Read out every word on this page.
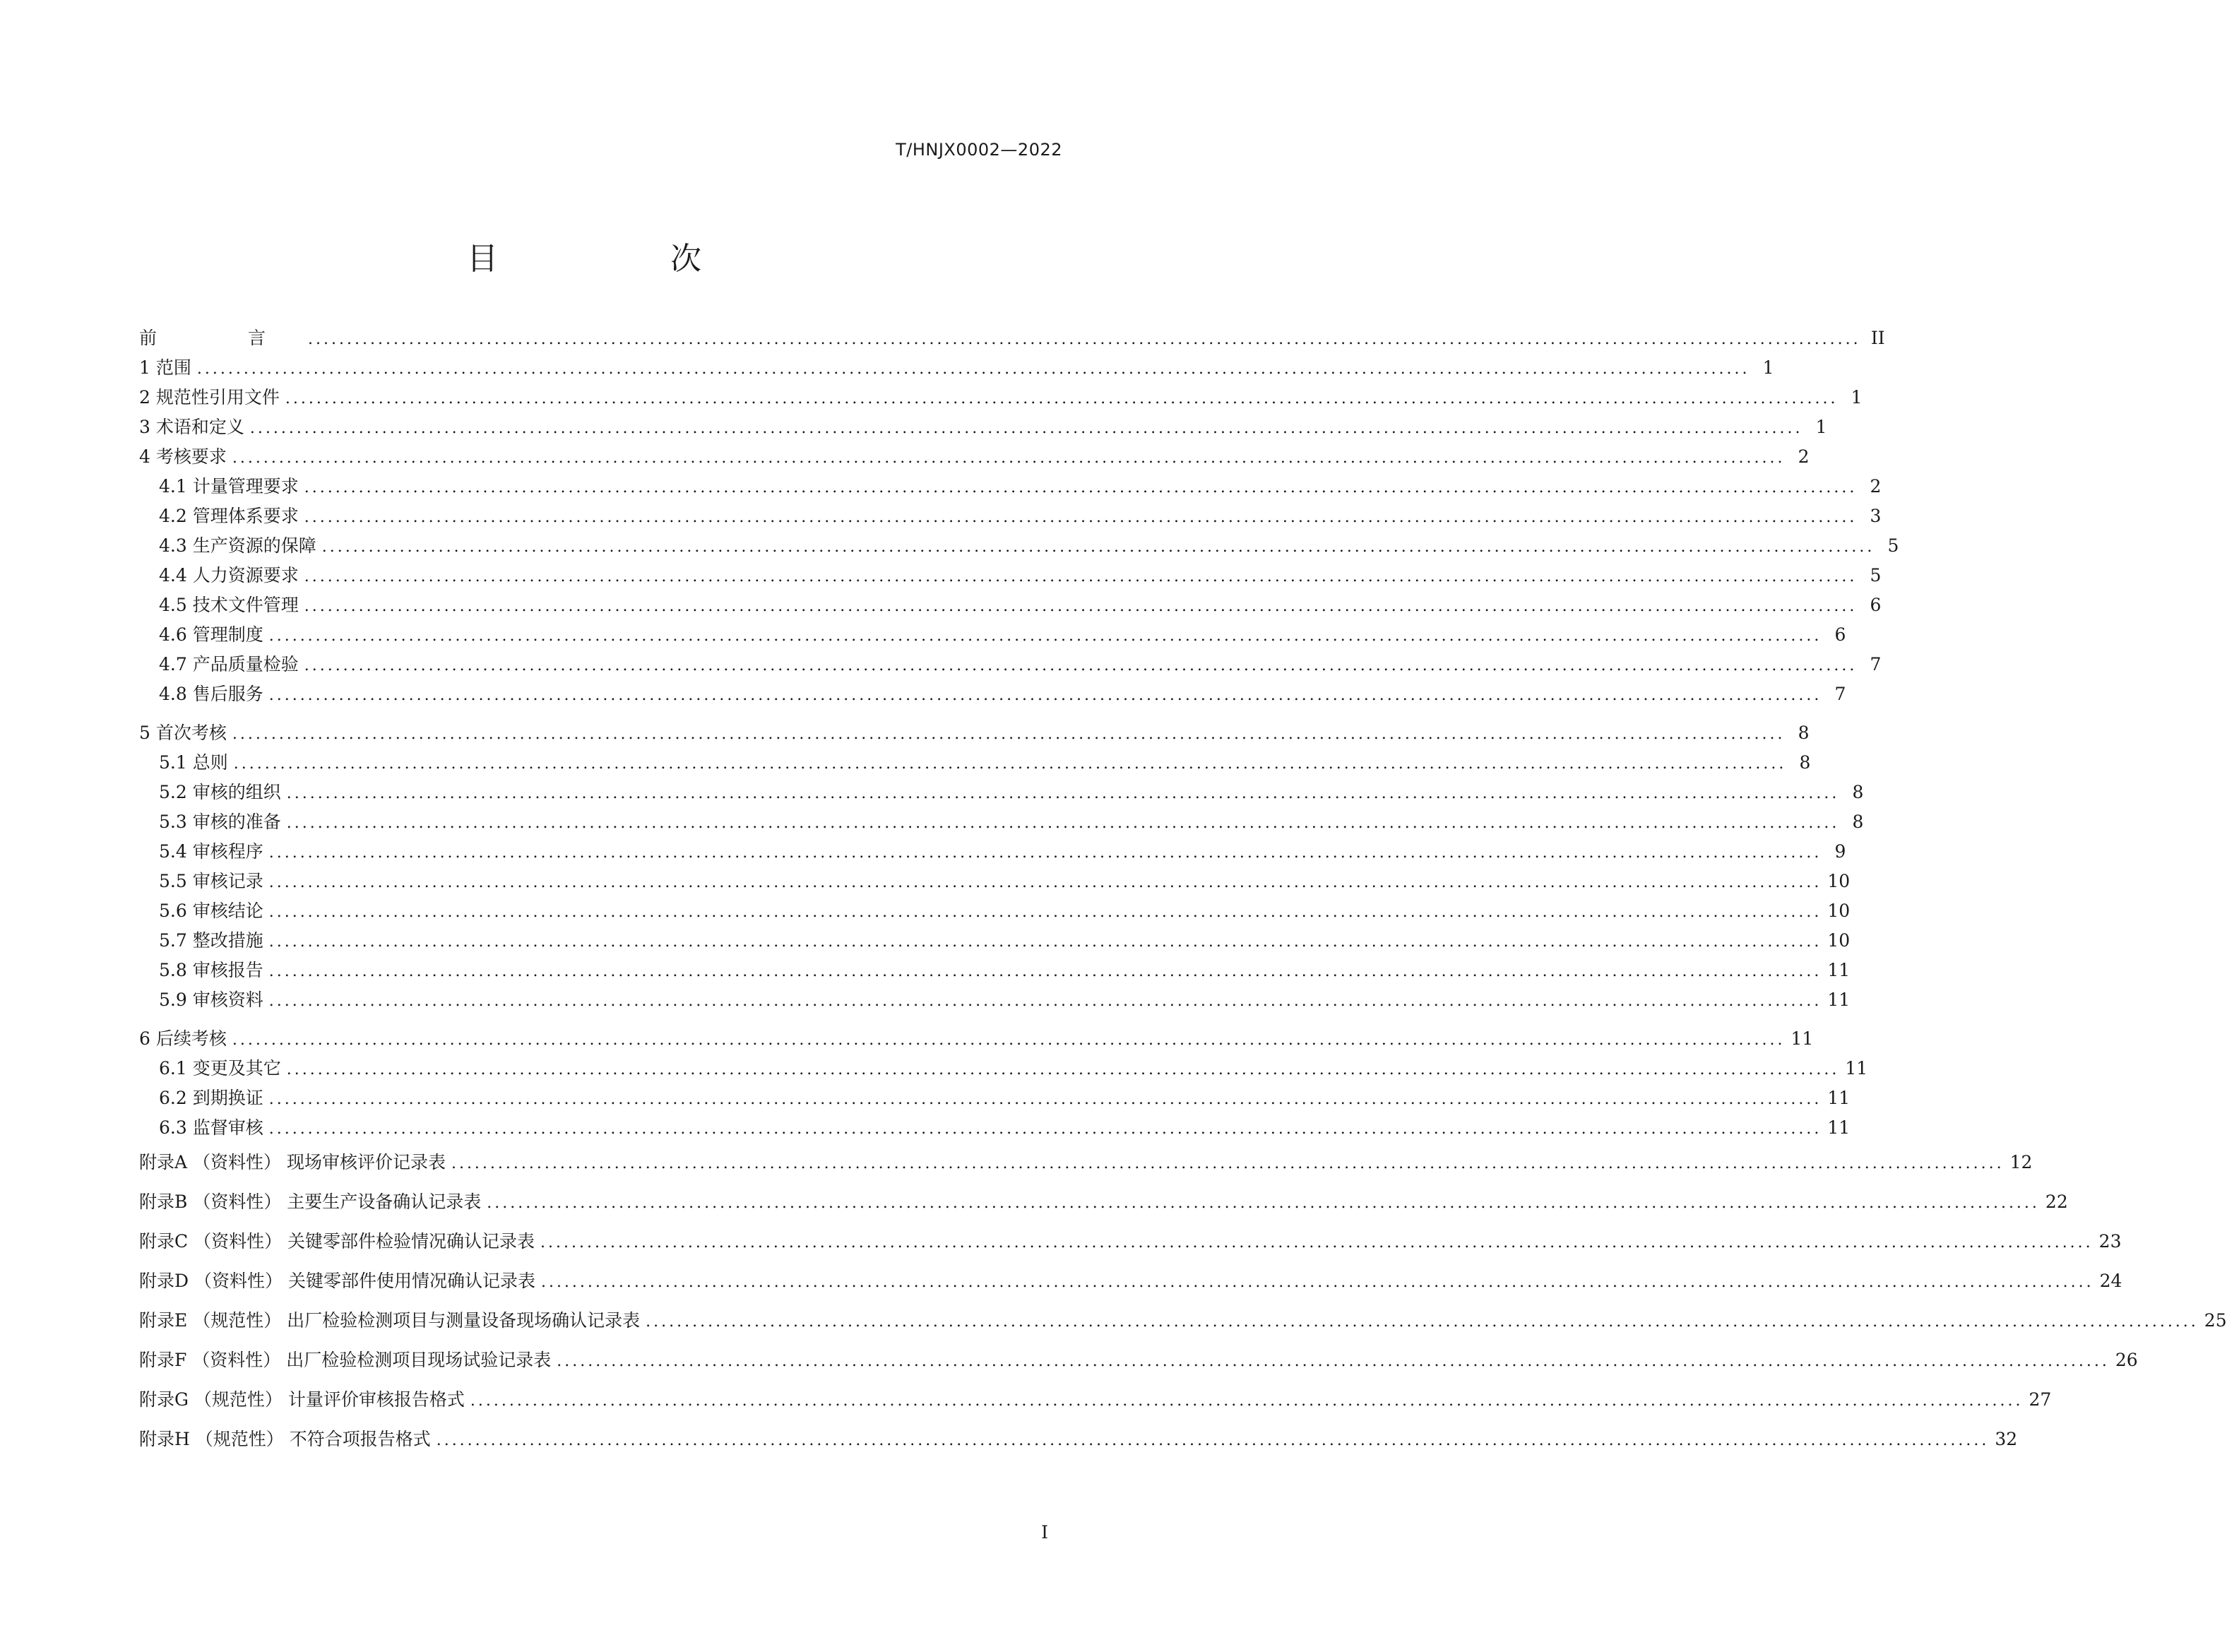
T/HNJX0002—2022
目　次
前　言 ........................................................................................................................................................................................................ II
1 范围 ........................................................................................................................................................................................................ 1
2 规范性引用文件 ........................................................................................................................................................................................................ 1
3 术语和定义 ........................................................................................................................................................................................................ 1
4 考核要求 ........................................................................................................................................................................................................ 2
4.1 计量管理要求 ........................................................................................................................................................................................................ 2
4.2 管理体系要求 ........................................................................................................................................................................................................ 3
4.3 生产资源的保障 ........................................................................................................................................................................................................ 5
4.4 人力资源要求 ........................................................................................................................................................................................................ 5
4.5 技术文件管理 ........................................................................................................................................................................................................ 6
4.6 管理制度 ........................................................................................................................................................................................................ 6
4.7 产品质量检验 ........................................................................................................................................................................................................ 7
4.8 售后服务 ........................................................................................................................................................................................................ 7
5 首次考核 ........................................................................................................................................................................................................ 8
5.1 总则 ........................................................................................................................................................................................................ 8
5.2 审核的组织 ........................................................................................................................................................................................................ 8
5.3 审核的准备 ........................................................................................................................................................................................................ 8
5.4 审核程序 ........................................................................................................................................................................................................ 9
5.5 审核记录 ........................................................................................................................................................................................................ 10
5.6 审核结论 ........................................................................................................................................................................................................ 10
5.7 整改措施 ........................................................................................................................................................................................................ 10
5.8 审核报告 ........................................................................................................................................................................................................ 11
5.9 审核资料 ........................................................................................................................................................................................................ 11
6 后续考核 ........................................................................................................................................................................................................ 11
6.1 变更及其它 ........................................................................................................................................................................................................ 11
6.2 到期换证 ........................................................................................................................................................................................................ 11
6.3 监督审核 ........................................................................................................................................................................................................ 11
附录A （资料性） 现场审核评价记录表 ........................................................................................................................................................................................................ 12
附录B （资料性） 主要生产设备确认记录表 ........................................................................................................................................................................................................ 22
附录C （资料性） 关键零部件检验情况确认记录表 ........................................................................................................................................................................................................ 23
附录D （资料性） 关键零部件使用情况确认记录表 ........................................................................................................................................................................................................ 24
附录E （规范性） 出厂检验检测项目与测量设备现场确认记录表 ........................................................................................................................................................................................................ 25
附录F （资料性） 出厂检验检测项目现场试验记录表 ........................................................................................................................................................................................................ 26
附录G （规范性） 计量评价审核报告格式 ........................................................................................................................................................................................................ 27
附录H （规范性） 不符合项报告格式 ........................................................................................................................................................................................................ 32
I
